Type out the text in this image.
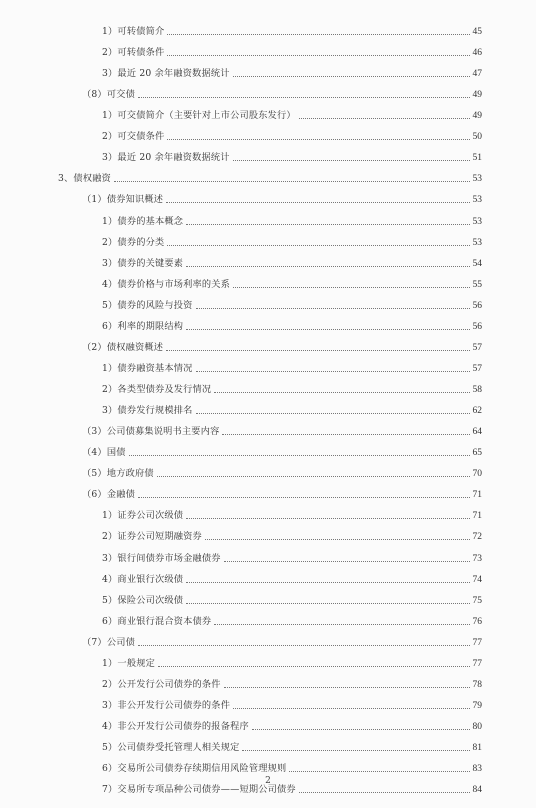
1）可转债简介	45
2）可转债条件	46
3）最近 20 余年融资数据统计	47
（8）可交债	49
1）可交债简介（主要针对上市公司股东发行）	49
2）可交债条件	50
3）最近 20 余年融资数据统计	51
3、债权融资	53
（1）债券知识概述	53
1）债券的基本概念	53
2）债券的分类	53
3）债券的关键要素	54
4）债券价格与市场利率的关系	55
5）债券的风险与投资	56
6）利率的期限结构	56
（2）债权融资概述	57
1）债券融资基本情况	57
2）各类型债券及发行情况	58
3）债券发行规模排名	62
（3）公司债募集说明书主要内容	64
（4）国债	65
（5）地方政府债	70
（6）金融债	71
1）证券公司次级债	71
2）证券公司短期融资券	72
3）银行间债券市场金融债券	73
4）商业银行次级债	74
5）保险公司次级债	75
6）商业银行混合资本债券	76
（7）公司债	77
1）一般规定	77
2）公开发行公司债券的条件	78
3）非公开发行公司债券的条件	79
4）非公开发行公司债券的报备程序	80
5）公司债券受托管理人相关规定	81
6）交易所公司债券存续期信用风险管理规则	83
7）交易所专项品种公司债券——短期公司债券	84
2
